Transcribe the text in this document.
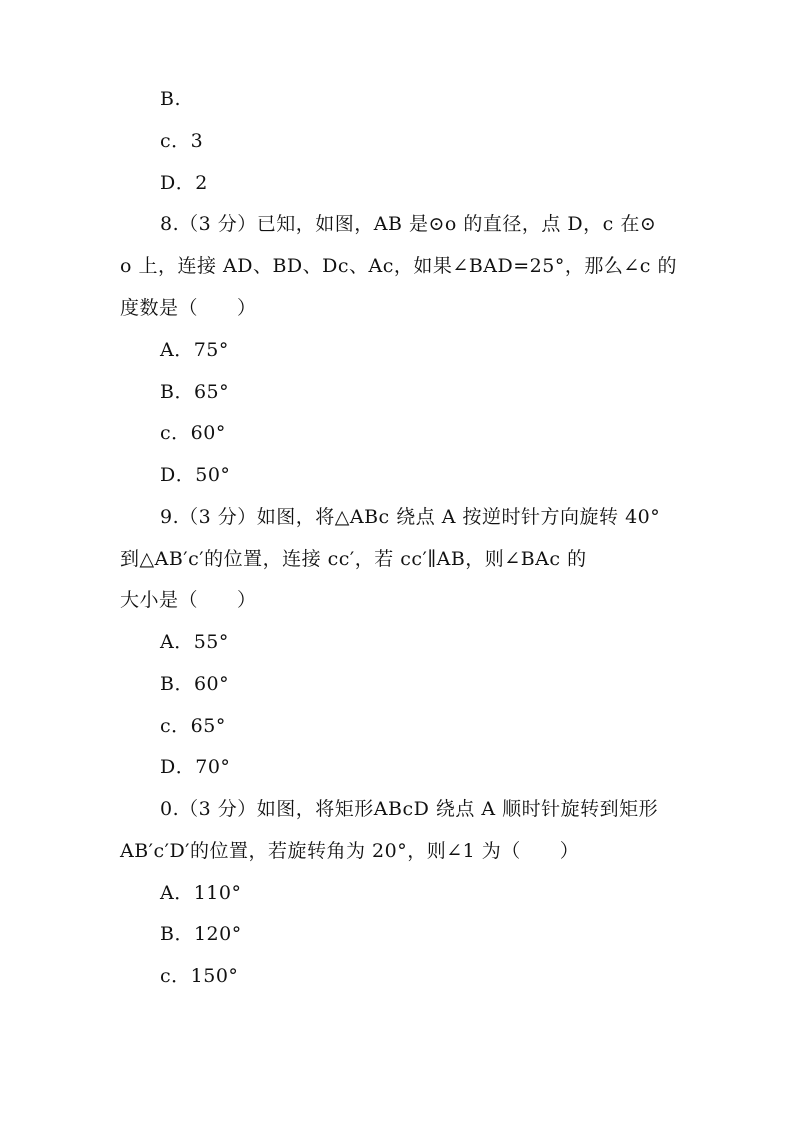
B.
c．3
D．2
8.（3 分）已知，如图，AB 是⊙o 的直径，点 D，c 在⊙
o 上，连接 AD、BD、Dc、Ac，如果∠BAD=25°，那么∠c 的
度数是（　　）
A．75°
B．65°
c．60°
D．50°
9.（3 分）如图，将△ABc 绕点 A 按逆时针方向旋转 40°
到△AB′c′的位置，连接 cc′，若 cc′∥AB，则∠BAc 的
大小是（　　）
A．55°
B．60°
c．65°
D．70°
0.（3 分）如图，将矩形ABcD 绕点 A 顺时针旋转到矩形
AB′c′D′的位置，若旋转角为 20°，则∠1 为（　　）
A．110°
B．120°
c．150°
